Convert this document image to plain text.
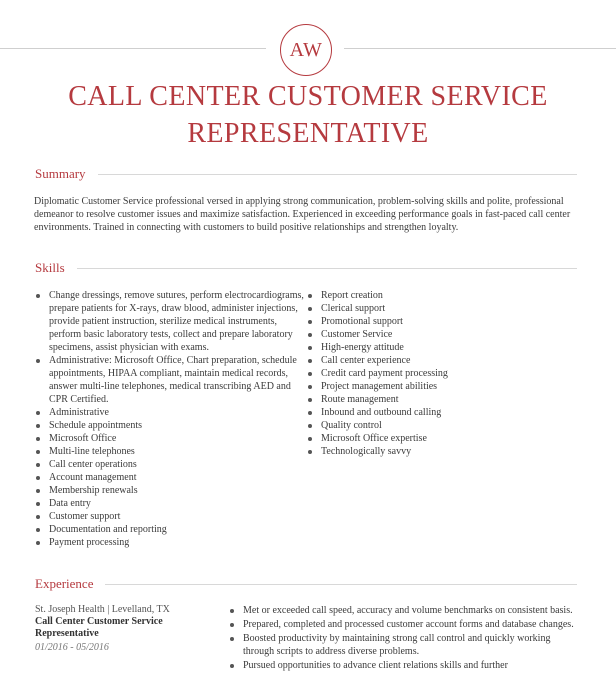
AW
CALL CENTER CUSTOMER SERVICE
REPRESENTATIVE
Summary

Diplomatic Customer Service professional versed in applying strong communication, problem-solving skills and polite, professional demeanor to resolve customer issues and maximize satisfaction. Experienced in exceeding performance goals in fast-paced call center environments. Trained in connecting with customers to build positive relationships and strengthen loyalty.

Skills
Change dressings, remove sutures, perform electrocardiograms, prepare patients for X-rays, draw blood, administer injections, provide patient instruction, sterilize medical instruments, perform basic laboratory tests, collect and prepare laboratory specimens, assist physician with exams.
Administrative: Microsoft Office, Chart preparation, schedule appointments, HIPAA compliant, maintain medical records, answer multi-line telephones, medical transcribing AED and CPR Certified.
Administrative
Schedule appointments
Microsoft Office
Multi-line telephones
Call center operations
Account management
Membership renewals
Data entry
Customer support
Documentation and reporting
Payment processing
Report creation
Clerical support
Promotional support
Customer Service
High-energy attitude
Call center experience
Credit card payment processing
Project management abilities
Route management
Inbound and outbound calling
Quality control
Microsoft Office expertise
Technologically savvy
Experience
St. Joseph Health | Levelland, TX
Call Center Customer Service Representative
01/2016 - 05/2016
Met or exceeded call speed, accuracy and volume benchmarks on consistent basis.
Prepared, completed and processed customer account forms and database changes.
Boosted productivity by maintaining strong call control and quickly working through scripts to address diverse problems.
Pursued opportunities to advance client relations skills and further
